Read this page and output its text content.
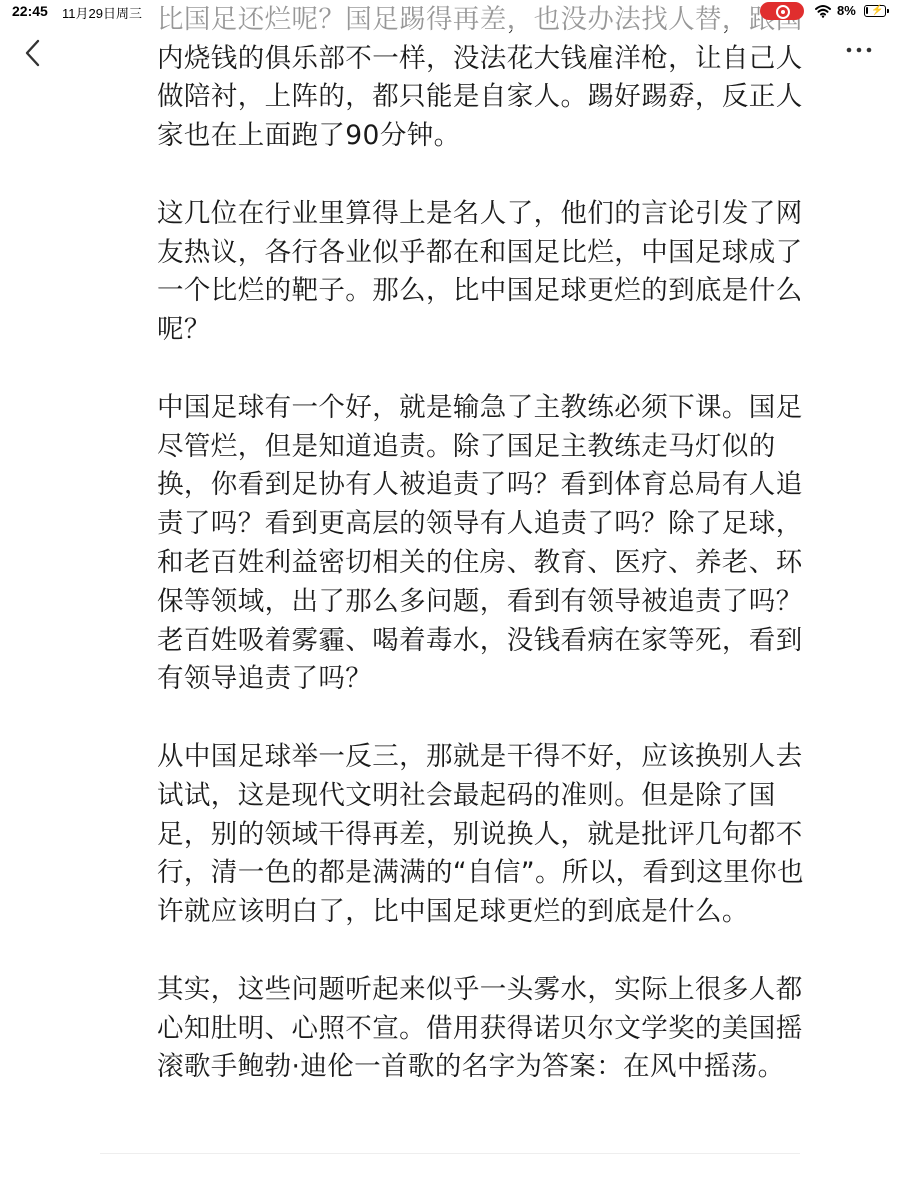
22:45 11月29日周三	8% ⚡

内烧钱的俱乐部不一样，没法花大钱雇洋枪，让自己人做陪衬，上阵的，都只能是自家人。踢好踢孬，反正人家也在上面跑了90分钟。

这几位在行业里算得上是名人了，他们的言论引发了网友热议，各行各业似乎都在和国足比烂，中国足球成了一个比烂的靶子。那么，比中国足球更烂的到底是什么呢？

中国足球有一个好，就是输急了主教练必须下课。国足尽管烂，但是知道追责。除了国足主教练走马灯似的换，你看到足协有人被追责了吗？看到体育总局有人追责了吗？看到更高层的领导有人追责了吗？除了足球，和老百姓利益密切相关的住房、教育、医疗、养老、环保等领域，出了那么多问题，看到有领导被追责了吗？老百姓吸着雾霾、喝着毒水，没钱看病在家等死，看到有领导追责了吗？

从中国足球举一反三，那就是干得不好，应该换别人去试试，这是现代文明社会最起码的准则。但是除了国足，别的领域干得再差，别说换人，就是批评几句都不行，清一色的都是满满的“自信”。所以，看到这里你也许就应该明白了，比中国足球更烂的到底是什么。

其实，这些问题听起来似乎一头雾水，实际上很多人都心知肚明、心照不宣。借用获得诺贝尔文学奖的美国摇滚歌手鲍勃·迪伦一首歌的名字为答案：在风中摇荡。
